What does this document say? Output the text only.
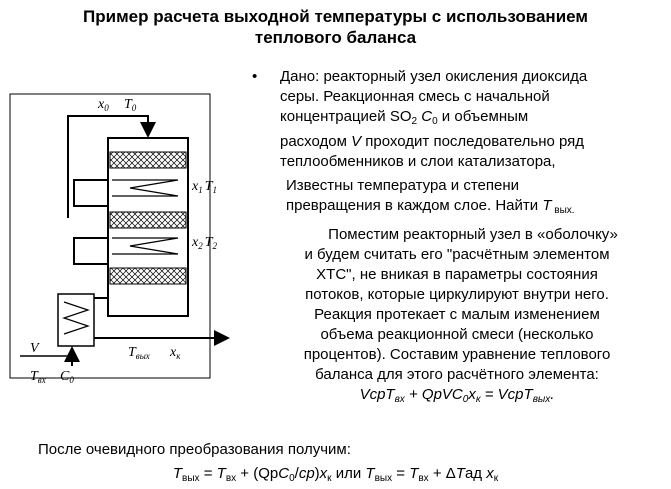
Пример расчета выходной температуры с использованием
теплового баланса
$x_0$ $T_0$
$x_1$ $T_1$
$x_2$ $T_2$
V
$T_{вх}$ $C_0$
$T_{вых}$ $x_к$
• Дано: реакторный узел окисления диоксида
серы. Реакционная смесь с начальной
концентрацией $SO_2$ $C_0$ и объемным
расходом V проходит последовательно ряд
теплообменников и слои катализатора,
Известны температура и степени
превращения в каждом слое. Найти T $_{вых.}$
Поместим реакторный узел в «оболочку»
и будем считать его "расчётным элементом
ХТС", не вникая в параметры состояния
потоков, которые циркулируют внутри него.
Реакция протекает с малым изменением
объема реакционной смеси (несколько
процентов). Составим уравнение теплового
баланса для этого расчётного элемента:
VcpT$_{вх}$ + $QрVC_0x_к$ = VcpT$_{вых}$.
После очевидного преобразования получим:
$T_{вых} = T_{вх} + (QрC_0/cp)x_к$ или $T_{вых} = T_{вх} + \Delta Tад$ $x_к$
